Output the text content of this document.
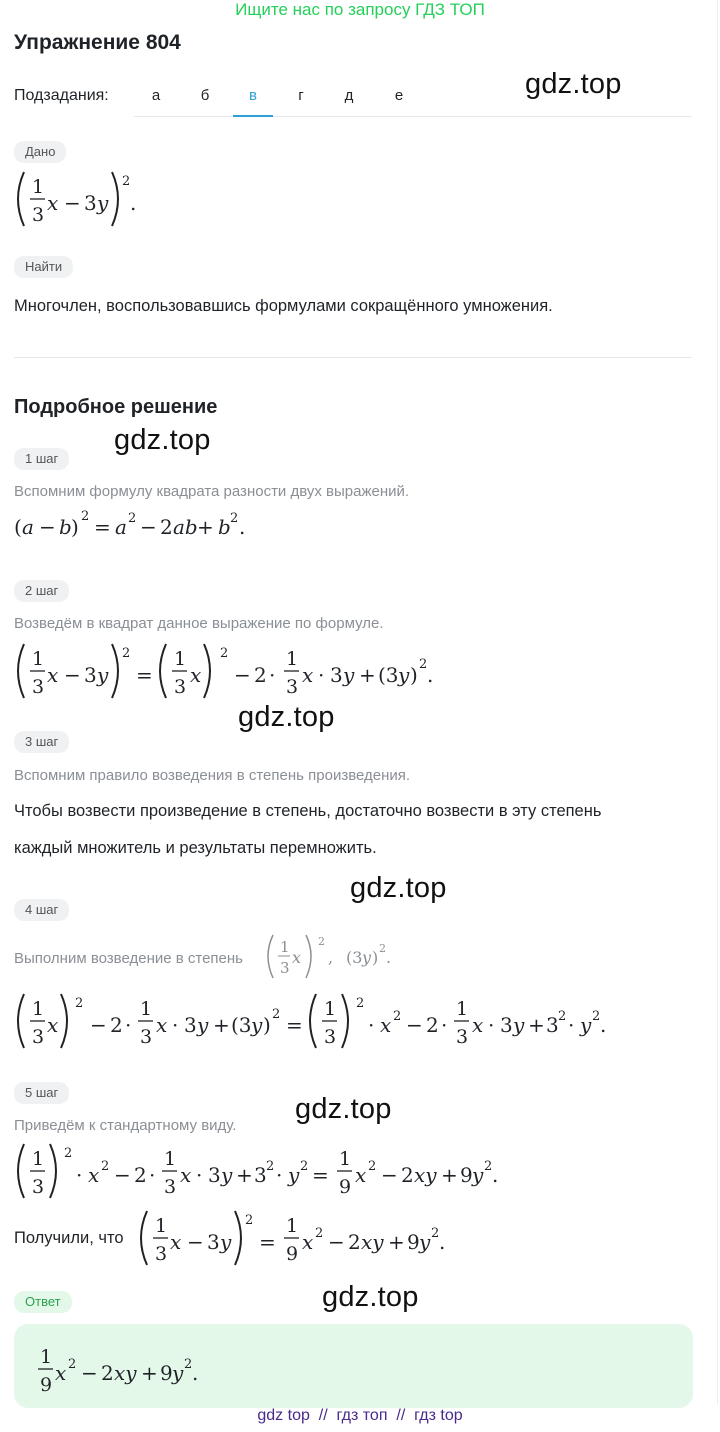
Ищите нас по запросу ГДЗ ТОП
Упражнение 804
gdz.top
Подзадания:	а	б	в	г	д	е
Дано
1
3 x − 3 y
2
.
Найти
Многочлен, воспользовавшись формулами сокращённого умножения.
Подробное решение
gdz.top
1 шаг
Вспомним формулу квадрата разности двух выражений.
( a − b ) 2 = a 2 − 2 ab + b 2 .
2 шаг
Возведём в квадрат данное выражение по формуле.
1
3 x − 3 y
2
=
1
3 x
2
− 2 ·
1
3 x · 3 y + (3 y ) 2 .
gdz.top
3 шаг
Вспомним правило возведения в степень произведения.
Чтобы возвести произведение в степень, достаточно возвести в эту степень
каждый множитель и результаты перемножить.
gdz.top
4 шаг
Выполним возведение в степень
1
3
x
2
, (3 y ) 2 .
1
3 x
2
− 2 ·
1
3 x · 3 y + (3 y ) 2 =
1
3
2
· x 2 − 2 ·
1
3 x · 3 y + 3 2 · y 2 .
5 шаг
gdz.top
Приведём к стандартному виду.
1
3
2
· x 2 − 2 ·
1
3 x · 3 y + 3 2 · y 2 =
1
9 x 2 − 2 xy + 9 y 2 .
Получили, что
1
3 x − 3 y
2
=
1
9 x 2 − 2 xy + 9 y 2 .
Ответ	gdz.top
1
9 x 2 − 2 xy + 9 y 2 .
gdz top  //  гдз топ  //  гдз top
